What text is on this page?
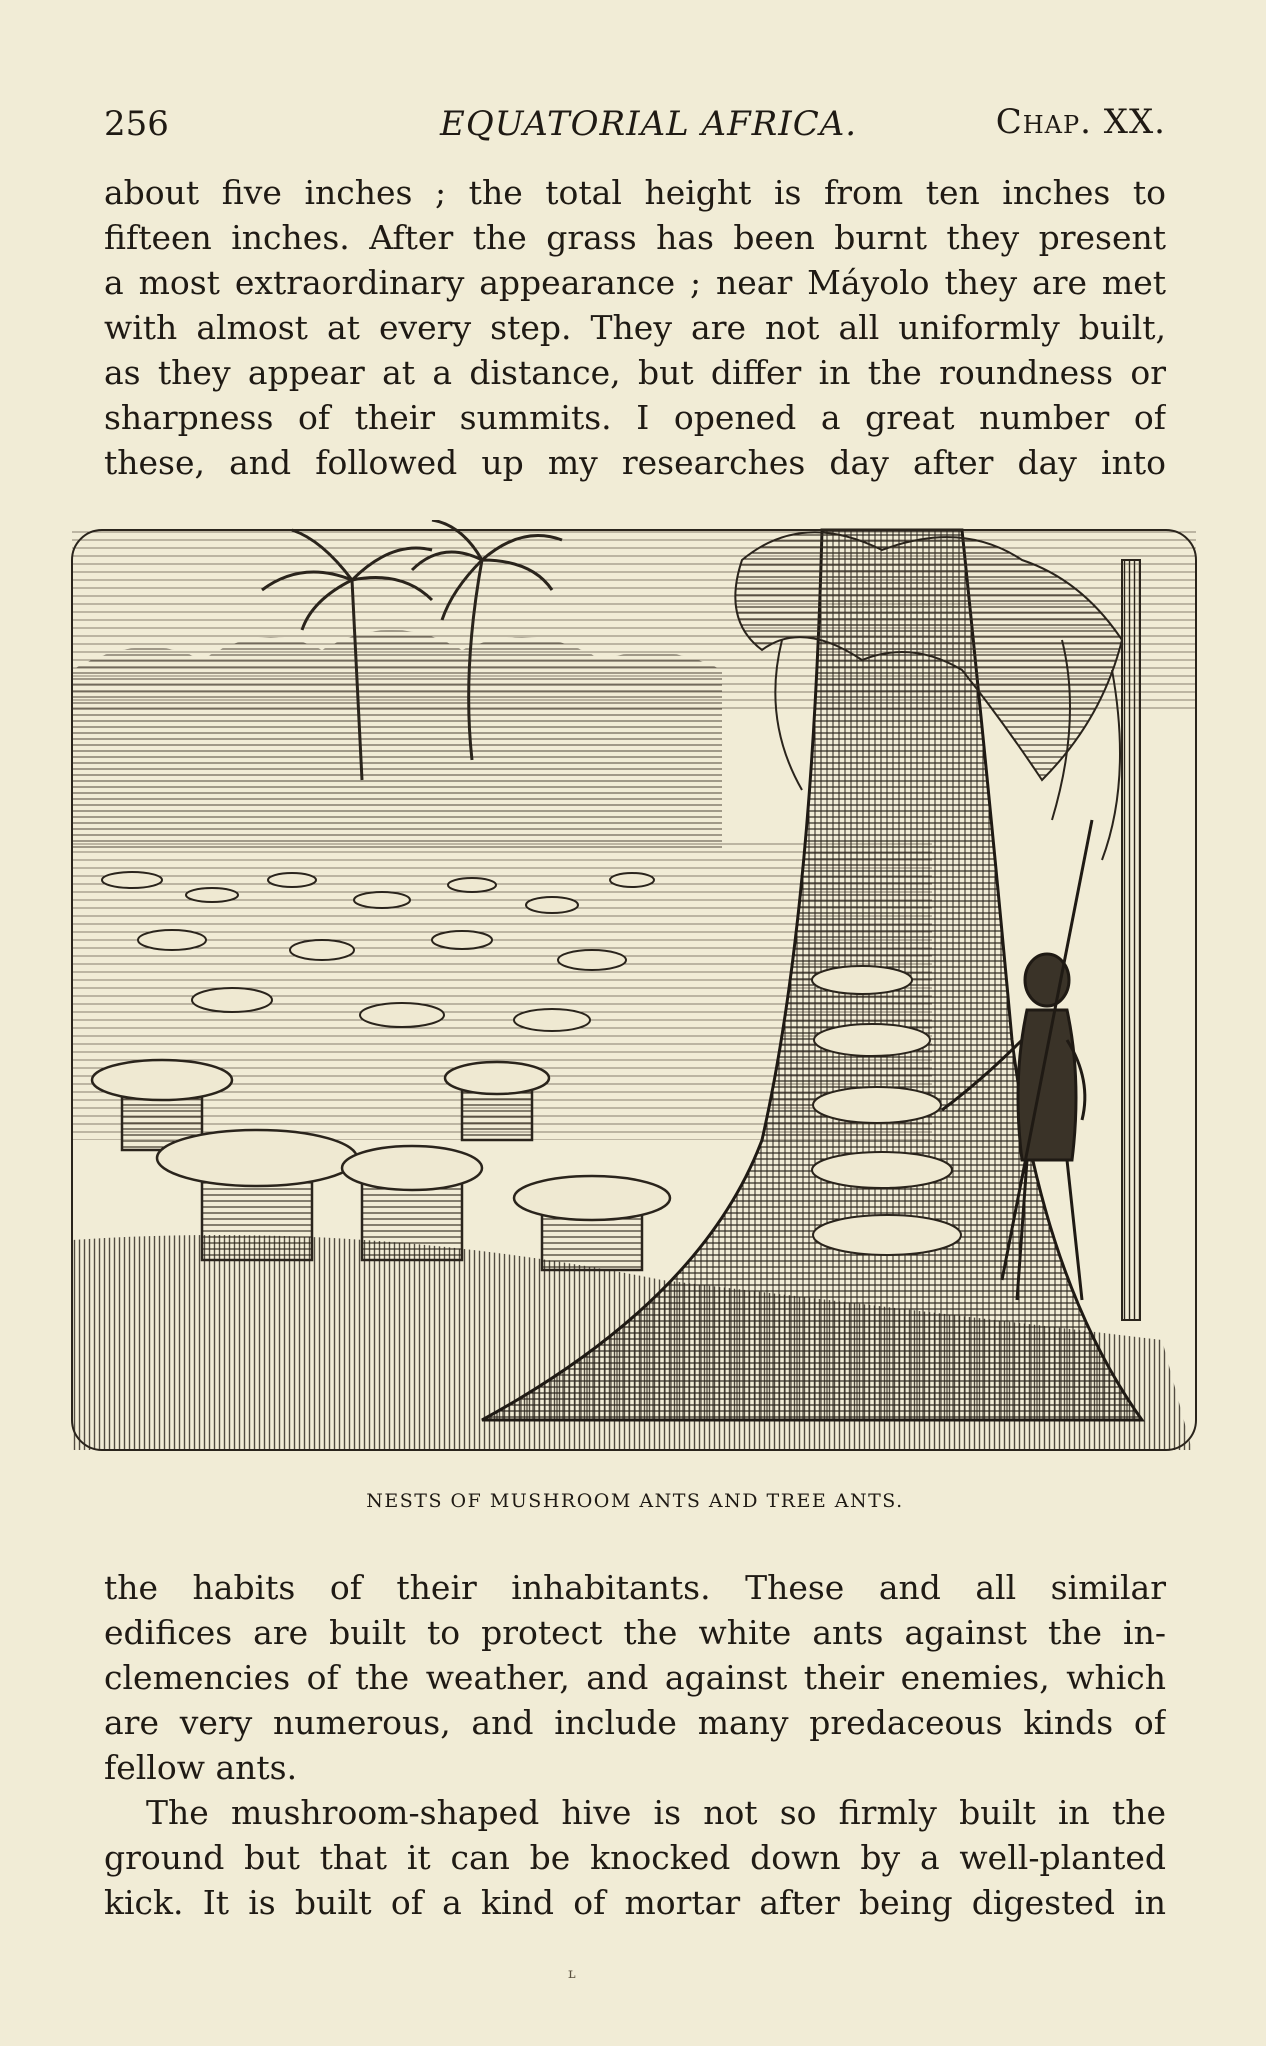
256	EQUATORIAL AFRICA.	Chap. XX.
about five inches ; the total height is from ten inches to
fifteen inches. After the grass has been burnt they present
a most extraordinary appearance ; near Máyolo they are met
with almost at every step. They are not all uniformly built,
as they appear at a distance, but differ in the roundness or
sharpness of their summits. I opened a great number of
these, and followed up my researches day after day into
NESTS OF MUSHROOM ANTS AND TREE ANTS.
the habits of their inhabitants. These and all similar
edifices are built to protect the white ants against the in-
clemencies of the weather, and against their enemies, which
are very numerous, and include many predaceous kinds of
fellow ants.
The mushroom-shaped hive is not so firmly built in the
ground but that it can be knocked down by a well-planted
kick. It is built of a kind of mortar after being digested in
ʟ
